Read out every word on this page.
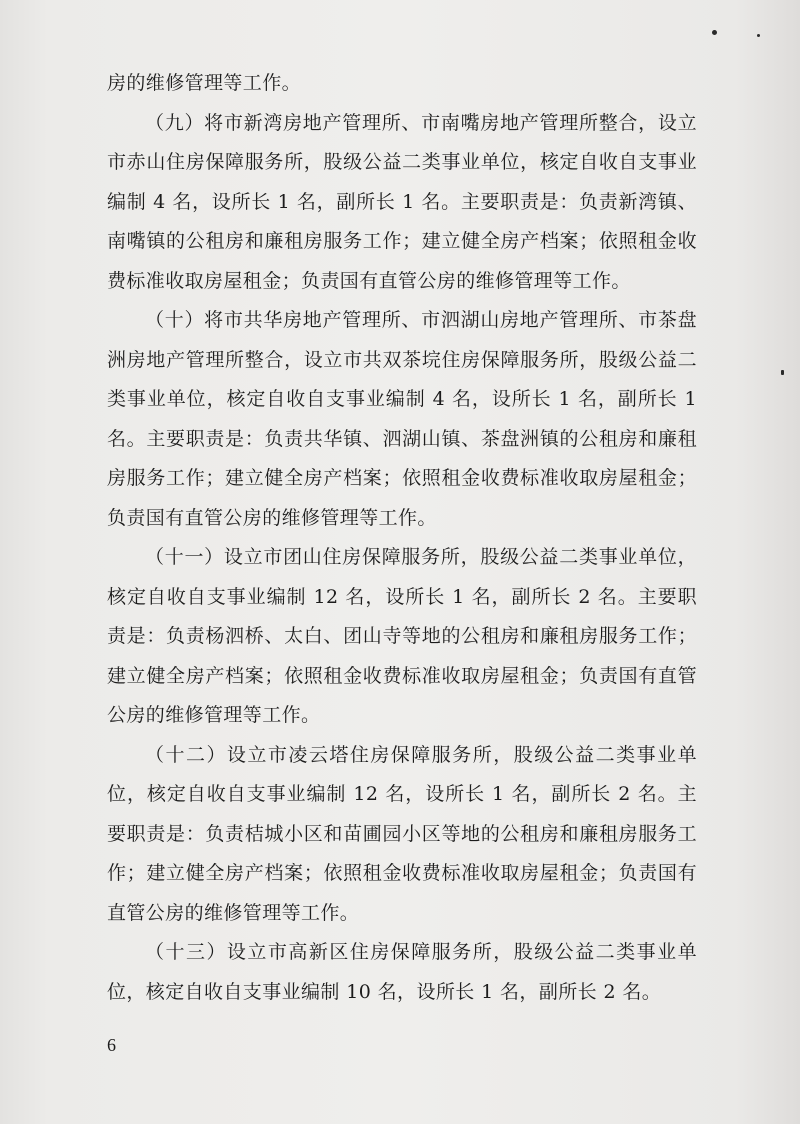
房的维修管理等工作。

（九）将市新湾房地产管理所、市南嘴房地产管理所整合，设立市赤山住房保障服务所，股级公益二类事业单位，核定自收自支事业编制 4 名，设所长 1 名，副所长 1 名。主要职责是：负责新湾镇、南嘴镇的公租房和廉租房服务工作；建立健全房产档案；依照租金收费标准收取房屋租金；负责国有直管公房的维修管理等工作。

（十）将市共华房地产管理所、市泗湖山房地产管理所、市茶盘洲房地产管理所整合，设立市共双茶垸住房保障服务所，股级公益二类事业单位，核定自收自支事业编制 4 名，设所长 1 名，副所长 1 名。主要职责是：负责共华镇、泗湖山镇、茶盘洲镇的公租房和廉租房服务工作；建立健全房产档案；依照租金收费标准收取房屋租金；负责国有直管公房的维修管理等工作。

（十一）设立市团山住房保障服务所，股级公益二类事业单位，核定自收自支事业编制 12 名，设所长 1 名，副所长 2 名。主要职责是：负责杨泗桥、太白、团山寺等地的公租房和廉租房服务工作；建立健全房产档案；依照租金收费标准收取房屋租金；负责国有直管公房的维修管理等工作。

（十二）设立市凌云塔住房保障服务所，股级公益二类事业单位，核定自收自支事业编制 12 名，设所长 1 名，副所长 2 名。主要职责是：负责桔城小区和苗圃园小区等地的公租房和廉租房服务工作；建立健全房产档案；依照租金收费标准收取房屋租金；负责国有直管公房的维修管理等工作。

（十三）设立市高新区住房保障服务所，股级公益二类事业单位，核定自收自支事业编制 10 名，设所长 1 名，副所长 2 名。

6
